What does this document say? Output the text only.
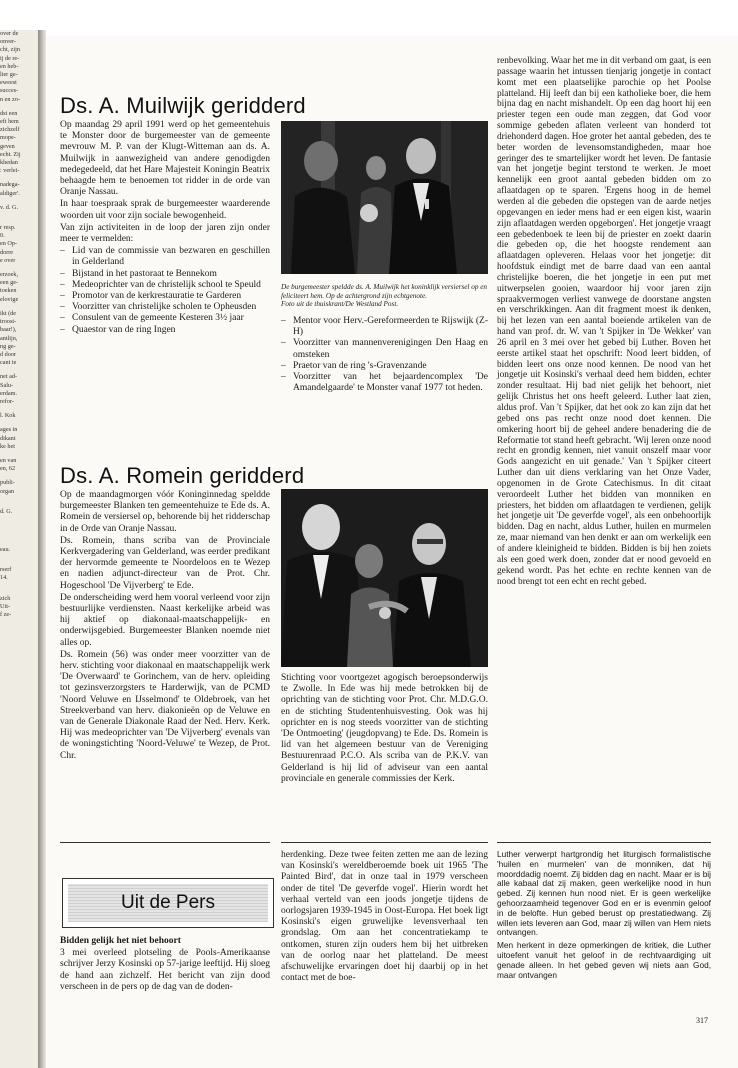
over de
onver-
cht, zijn
ij de re-
en heb-
lier ge-
eweest
succes-
n en zo-
dst een
eft hem
zichzelf
mope-
geven
echt. Zij
khedan
: verlei-
nadega-
aldiger'.
v. d. G.
r resp.
0.
en Op-
dorre
e over
erzoek,
een ge-
toeken
elovige
ikt (de
troost-
baar!),
antlijn,
ng ge-
d door
cant te
net ad-
Salu-
erdam.
refor-
l. Kok
ages in
dikant
ke het
en van
en, 62
publi-
organ
d. G.
eau.
rserf
14.
zich
Uit-
f ze-
Ds. A. Muilwijk geridderd

Op maandag 29 april 1991 werd op het gemeentehuis te Monster door de burgemeester van de gemeente mevrouw M. P. van der Klugt-Witteman aan ds. A. Muilwijk in aanwezigheid van andere genodigden medegedeeld, dat het Hare Majesteit Koningin Beatrix behaagde hem te benoemen tot ridder in de orde van Oranje Nassau.

In haar toespraak sprak de burgemeester waarderende woorden uit voor zijn sociale bewogenheid.

Van zijn activiteiten in de loop der jaren zijn onder meer te vermelden:

– Lid van de commissie van bezwaren en geschillen in Gelderland
– Bijstand in het pastoraat te Bennekom
– Medeoprichter van de christelijk school te Speuld
– Promotor van de kerkrestauratie te Garderen
– Voorzitter van christelijke scholen te Opheusden
– Consulent van de gemeente Kesteren 3½ jaar
– Quaestor van de ring Ingen
De burgemeester speldde ds. A. Muilwijk het koninklijk versiersel op en feliciteert hem. Op de achtergrond zijn echtgenote.
Foto uit de thuiskrant/De Westland Post.
– Mentor voor Herv.-Gereformeerden te Rijswijk (Z-H)
– Voorzitter van mannenverenigingen Den Haag en omsteken
– Praetor van de ring 's-Gravenzande
– Voorzitter van het bejaardencomplex 'De Amandelgaarde' te Monster vanaf 1977 tot heden.
Ds. A. Romein geridderd

Op de maandagmorgen vóór Koninginnedag speldde burgemeester Blanken ten gemeentehuize te Ede ds. A. Romein de versiersel op, behorende bij het ridderschap in de Orde van Oranje Nassau.

Ds. Romein, thans scriba van de Provinciale Kerkvergadering van Gelderland, was eerder predikant der hervormde gemeente te Noordeloos en te Wezep en nadien adjunct-directeur van de Prot. Chr. Hogeschool 'De Vijverberg' te Ede.

De onderscheiding werd hem vooral verleend voor zijn bestuurlijke verdiensten. Naast kerkelijke arbeid was hij aktief op diakonaal-maatschappelijk- en onderwijsgebied. Burgemeester Blanken noemde niet alles op.

Ds. Romein (56) was onder meer voorzitter van de herv. stichting voor diakonaal en maatschappelijk werk 'De Overwaard' te Gorinchem, van de herv. opleiding tot gezinsverzorgsters te Harderwijk, van de PCMD 'Noord Veluwe en IJsselmond' te Oldebroek, van het Streekverband van herv. diakonieën op de Veluwe en van de Generale Diakonale Raad der Ned. Herv. Kerk. Hij was medeoprichter van 'De Vijverberg' evenals van de woningstichting 'Noord-Veluwe' te Wezep, de Prot. Chr.

Stichting voor voortgezet agogisch beroepsonderwijs te Zwolle. In Ede was hij mede betrokken bij de oprichting van de stichting voor Prot. Chr. M.D.G.O. en de stichting Studentenhuisvesting. Ook was hij oprichter en is nog steeds voorzitter van de stichting 'De Ontmoeting' (jeugdopvang) te Ede. Ds. Romein is lid van het algemeen bestuur van de Vereniging Bestuurenraad P.C.O. Als scriba van de P.K.V. van Gelderland is hij lid of adviseur van een aantal provinciale en generale commissies der Kerk.

Uit de Pers

Bidden gelijk het niet behoort

3 mei overleed plotseling de Pools-Amerikaanse schrijver Jerzy Kosinski op 57-jarige leeftijd. Hij sloeg de hand aan zichzelf. Het bericht van zijn dood verscheen in de pers op de dag van de doden-

herdenking. Deze twee feiten zetten me aan de lezing van Kosinski's wereldberoemde boek uit 1965 'The Painted Bird', dat in onze taal in 1979 verscheen onder de titel 'De geverfde vogel'. Hierin wordt het verhaal verteld van een joods jongetje tijdens de oorlogsjaren 1939-1945 in Oost-Europa. Het boek ligt Kosinski's eigen gruwelijke levensverhaal ten grondslag. Om aan het concentratiekamp te ontkomen, sturen zijn ouders hem bij het uitbreken van de oorlog naar het platteland. De meest afschuwelijke ervaringen doet hij daarbij op in het contact met de boe-

renbevolking. Waar het me in dit verband om gaat, is een passage waarin het intussen tienjarig jongetje in contact komt met een plaatselijke parochie op het Poolse platteland. Hij leeft dan bij een katholieke boer, die hem bijna dag en nacht mishandelt. Op een dag hoort hij een priester tegen een oude man zeggen, dat God voor sommige gebeden aflaten verleent van honderd tot driehonderd dagen. Hoe groter het aantal gebeden, des te beter worden de levensomstandigheden, maar hoe geringer des te smartelijker wordt het leven. De fantasie van het jongetje begint terstond te werken. Je moet kennelijk een groot aantal gebeden bidden om zo aflaatdagen op te sparen. 'Ergens hoog in de hemel werden al die gebeden die opstegen van de aarde netjes opgevangen en ieder mens had er een eigen kist, waarin zijn aflaatdagen werden opgeborgen'. Het jongetje vraagt een gebedenboek te leen bij de priester en zoekt daarin die gebeden op, die het hoogste rendement aan aflaatdagen opleveren. Helaas voor het jongetje: dit hoofdstuk eindigt met de barre daad van een aantal christelijke boeren, die het jongetje in een put met uitwerpselen gooien, waardoor hij voor jaren zijn spraakvermogen verliest vanwege de doorstane angsten en verschrikkingen. Aan dit fragment moest ik denken, bij het lezen van een aantal boeiende artikelen van de hand van prof. dr. W. van 't Spijker in 'De Wekker' van 26 april en 3 mei over het gebed bij Luther. Boven het eerste artikel staat het opschrift: Nood leert bidden, of bidden leert ons onze nood kennen. De nood van het jongetje uit Kosinski's verhaal deed hem bidden, echter zonder resultaat. Hij bad niet gelijk het behoort, niet gelijk Christus het ons heeft geleerd. Luther laat zien, aldus prof. Van 't Spijker, dat het ook zo kan zijn dat het gebed ons pas recht onze nood doet kennen. Die omkering hoort bij de geheel andere benadering die de Reformatie tot stand heeft gebracht. 'Wij leren onze nood recht en grondig kennen, niet vanuit onszelf maar voor Gods aangezicht en uit genade.' Van 't Spijker citeert Luther dan uit diens verklaring van het Onze Vader, opgenomen in de Grote Catechismus. In dit citaat veroordeelt Luther het bidden van monniken en priesters, het bidden om aflaatdagen te verdienen, gelijk het jongetje uit 'De geverfde vogel', als een onbehoorlijk bidden. Dag en nacht, aldus Luther, huilen en murmelen ze, maar niemand van hen denkt er aan om werkelijk een of andere kleinigheid te bidden. Bidden is bij hen zoiets als een goed werk doen, zonder dat er nood gevoeld en gekend wordt. Pas het echte en rechte kennen van de nood brengt tot een echt en recht gebed.

Luther verwerpt hartgrondig het liturgisch formalistische 'huilen en murmelen' van de monniken, dat hij moorddadig noemt. Zij bidden dag en nacht. Maar er is bij alle kabaal dat zij maken, geen werkelijke nood in hun gebed. Zij kennen hun nood niet. Er is geen werkelijke gehoorzaamheid tegenover God en er is evenmin geloof in de belofte. Hun gebed berust op prestatiedwang. Zij willen iets leveren aan God, maar zij willen van Hem niets ontvangen.

Men herkent in deze opmerkingen de kritiek, die Luther uitoefent vanuit het geloof in de rechtvaardiging uit genade alleen. In het gebed geven wij niets aan God, maar ontvangen

317
